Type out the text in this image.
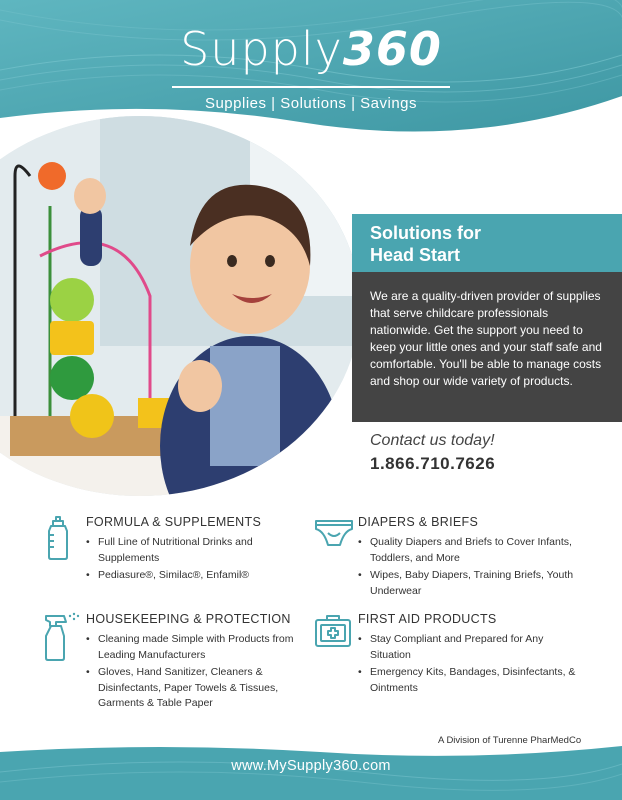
Supply360
Supplies | Solutions | Savings
Solutions for
Head Start
We are a quality-driven provider of supplies that serve childcare professionals nationwide. Get the support you need to keep your little ones and your staff safe and comfortable. You'll be able to manage costs and shop our wide variety of products.
Contact us today!
1.866.710.7626
FORMULA & SUPPLEMENTS
• Full Line of Nutritional Drinks and Supplements
• Pediasure®, Similac®, Enfamil®
DIAPERS & BRIEFS
• Quality Diapers and Briefs to Cover Infants, Toddlers, and More
• Wipes, Baby Diapers, Training Briefs, Youth Underwear
HOUSEKEEPING & PROTECTION
• Cleaning made Simple with Products from Leading Manufacturers
• Gloves, Hand Sanitizer, Cleaners & Disinfectants, Paper Towels & Tissues, Garments & Table Paper
FIRST AID PRODUCTS
• Stay Compliant and Prepared for Any Situation
• Emergency Kits, Bandages, Disinfectants, & Ointments
A Division of Turenne PharMedCo
www.MySupply360.com
